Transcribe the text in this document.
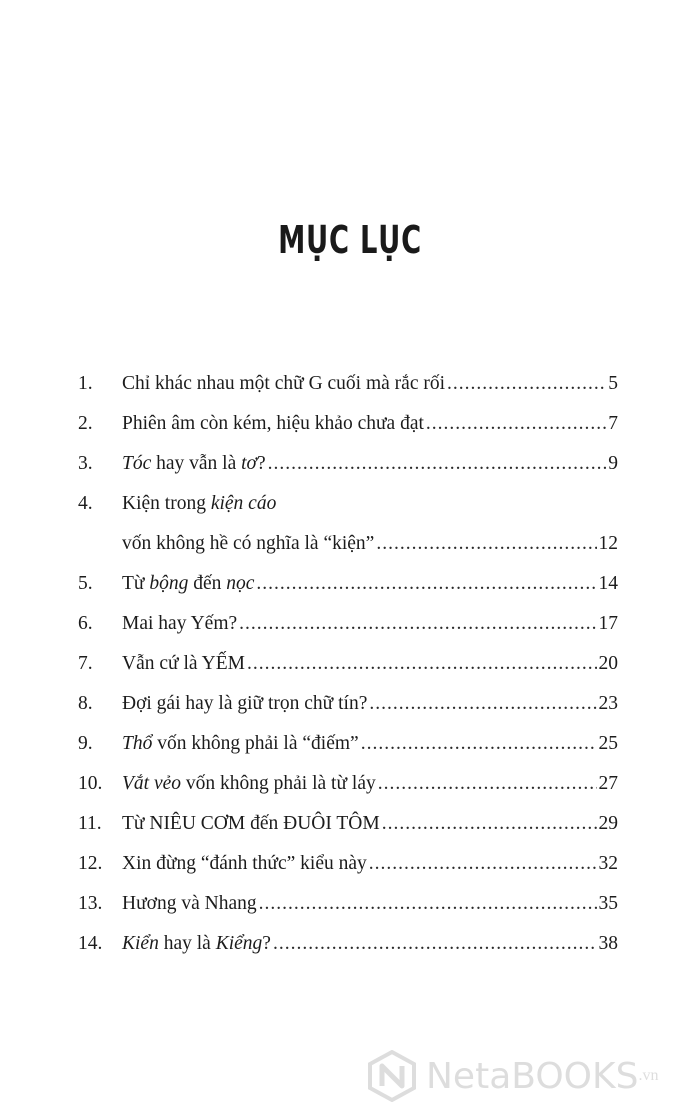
MỤC LỤC
1.	Chỉ khác nhau một chữ G cuối mà rắc rối .....	5
2.	Phiên âm còn kém, hiệu khảo chưa đạt .....	7
3.	Tóc hay vẫn là tơ? .....	9
4.	Kiện trong kiện cáo
vốn không hề có nghĩa là “kiện” .....	12
5.	Từ bộng đến nọc .....	14
6.	Mai hay Yếm? .....	17
7.	Vẫn cứ là YẾM .....	20
8.	Đợi gái hay là giữ trọn chữ tín? .....	23
9.	Thổ vốn không phải là “điếm” .....	25
10.	Vắt vẻo vốn không phải là từ láy .....	27
11.	Từ NIÊU CƠM đến ĐUÔI TÔM .....	29
12.	Xin đừng “đánh thức” kiểu này .....	32
13.	Hương và Nhang .....	35
14.	Kiển hay là Kiểng? .....	38
NetaBOOKS .vn
